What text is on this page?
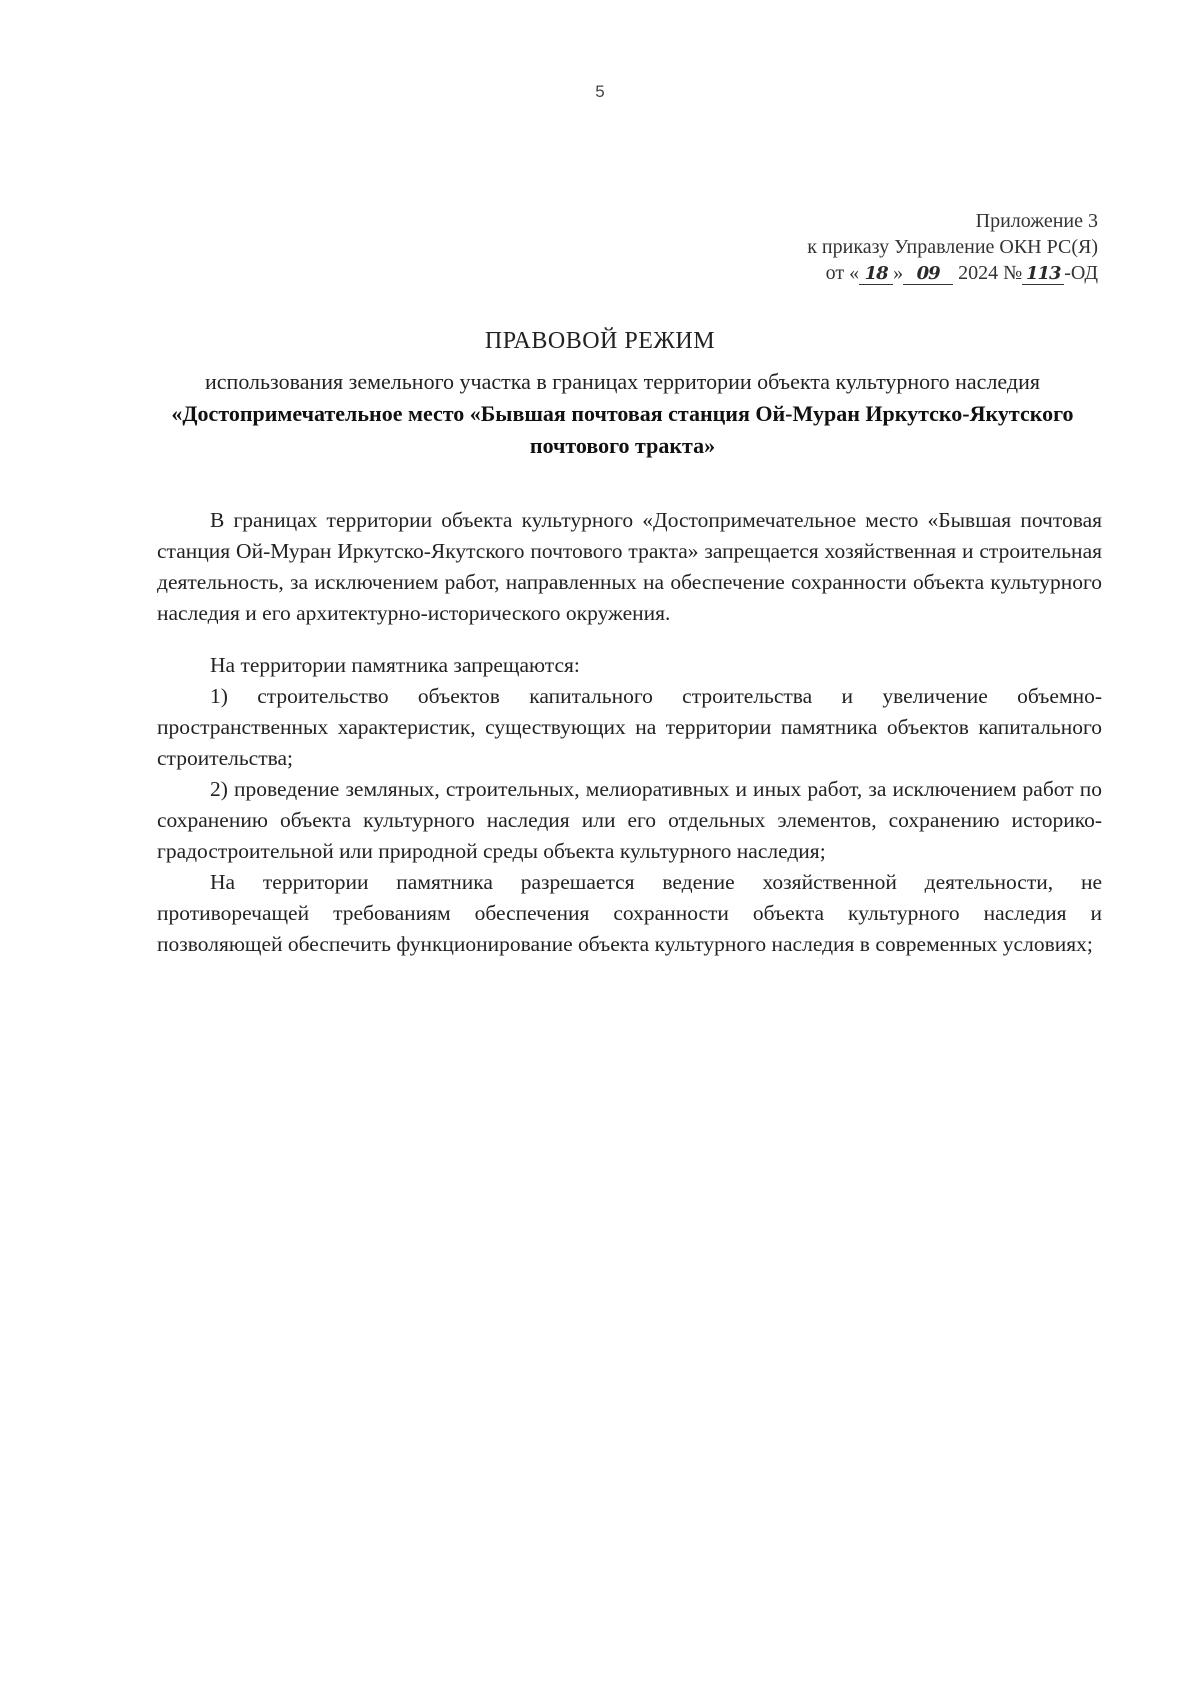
5
Приложение 3
к приказу Управление ОКН РС(Я)
от « 18 » 09 2024 № 113 -ОД
ПРАВОВОЙ РЕЖИМ
использования земельного участка в границах территории объекта культурного наследия «Достопримечательное место «Бывшая почтовая станция Ой-Муран Иркутско-Якутского почтового тракта»

В границах территории объекта культурного «Достопримечательное место «Бывшая почтовая станция Ой-Муран Иркутско-Якутского почтового тракта» запрещается хозяйственная и строительная деятельность, за исключением работ, направленных на обеспечение сохранности объекта культурного наследия и его архитектурно-исторического окружения.

На территории памятника запрещаются:

1) строительство объектов капитального строительства и увеличение объемно-пространственных характеристик, существующих на территории памятника объектов капитального строительства;

2) проведение земляных, строительных, мелиоративных и иных работ, за исключением работ по сохранению объекта культурного наследия или его отдельных элементов, сохранению историко-градостроительной или природной среды объекта культурного наследия;

На территории памятника разрешается ведение хозяйственной деятельности, не противоречащей требованиям обеспечения сохранности объекта культурного наследия и позволяющей обеспечить функционирование объекта культурного наследия в современных условиях;
